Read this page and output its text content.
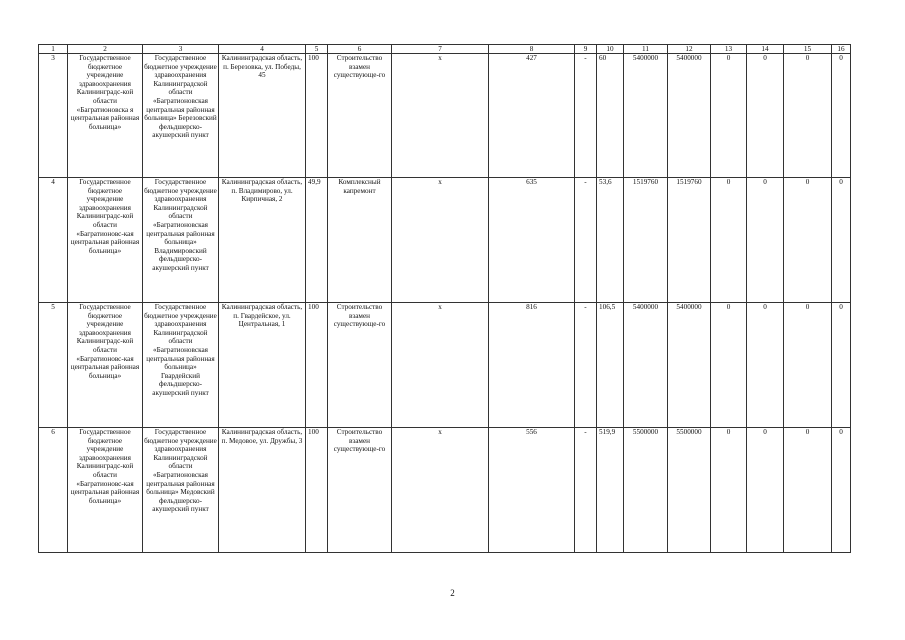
1	2	3	4	5	6	7	8	9	10	11	12	13	14	15	16
3	Государственное бюджетное учреждение здравоохранения Калининградс-кой области «Багратионовска я центральная районная больница»	Государственное бюджетное учреждение здравоохранения Калининградской области «Багратионовская центральная районная больница» Березовский фельдшерско-акушерский пункт	Калининградская область, п. Березовка, ул. Победы, 45	100	Строительство взамен существующе-го	х	427	-	60	5400000	5400000	0	0	0	0
4	Государственное бюджетное учреждение здравоохранения Калининградс-кой области «Багратионовс-кая центральная районная больница»	Государственное бюджетное учреждение здравоохранения Калининградской области «Багратионовская центральная районная больница» Владимировский фельдшерско-акушерский пункт	Калининградская область, п. Владимирово, ул. Кирпичная, 2	49,9	Комплексный капремонт	х	635	-	53,6	1519760	1519760	0	0	0	0
5	Государственное бюджетное учреждение здравоохранения Калининградс-кой области «Багратионовс-кая центральная районная больница»	Государственное бюджетное учреждение здравоохранения Калининградской области «Багратионовская центральная районная больница» Гвардейский фельдшерско-акушерский пункт	Калининградская область, п. Гвардейское, ул. Центральная, 1	100	Строительство взамен существующе-го	х	816	-	106,5	5400000	5400000	0	0	0	0
6	Государственное бюджетное учреждение здравоохранения Калининградс-кой области «Багратионовс-кая центральная районная больница»	Государственное бюджетное учреждение здравоохранения Калининградской области «Багратионовская центральная районная больница» Медовский фельдшерско-акушерский пункт	Калининградская область, п. Медовое, ул. Дружбы, 3	100	Строительство взамен существующе-го	х	556	-	519,9	5500000	5500000	0	0	0	0
2
